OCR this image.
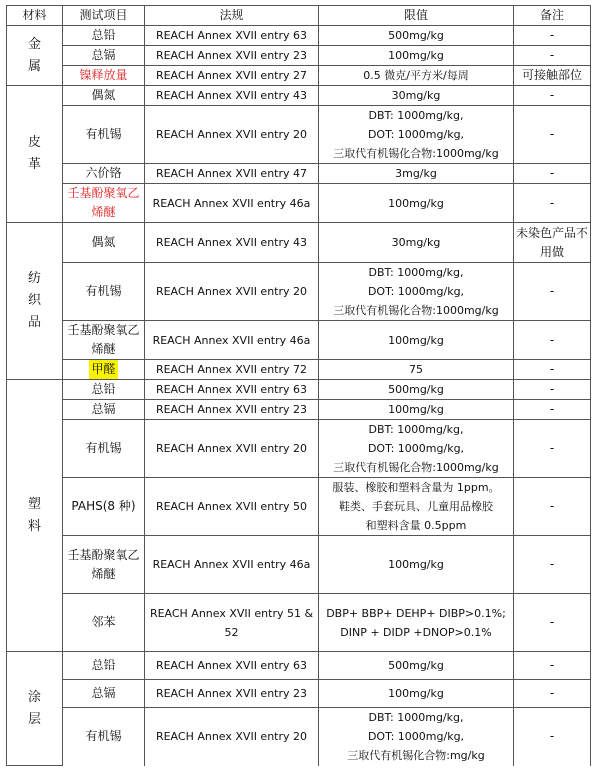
材料	测试项目	法规	限值	备注

金
属	总铅	REACH Annex XVII entry 63	500mg/kg	-
	总镉	REACH Annex XVII entry 23	100mg/kg	-
	镍释放量	REACH Annex XVII entry 27	0.5 微克/平方米/每周	可接触部位

皮
革	偶氮	REACH Annex XVII entry 43	30mg/kg	-
	有机锡	REACH Annex XVII entry 20	DBT: 1000mg/kg,
DOT: 1000mg/kg,
三取代有机锡化合物:1000mg/kg	-
	六价铬	REACH Annex XVII entry 47	3mg/kg	-
	壬基酚聚氧乙烯醚	REACH Annex XVII entry 46a	100mg/kg	-

纺
织
品	偶氮	REACH Annex XVII entry 43	30mg/kg	未染色产品不用做
	有机锡	REACH Annex XVII entry 20	DBT: 1000mg/kg,
DOT: 1000mg/kg,
三取代有机锡化合物:1000mg/kg	-
	壬基酚聚氧乙烯醚	REACH Annex XVII entry 46a	100mg/kg	-
	甲醛	REACH Annex XVII entry 72	75	-

塑
料	总铅	REACH Annex XVII entry 63	500mg/kg	-
	总镉	REACH Annex XVII entry 23	100mg/kg	-
	有机锡	REACH Annex XVII entry 20	DBT: 1000mg/kg,
DOT: 1000mg/kg,
三取代有机锡化合物:1000mg/kg	-
	PAHS(8 种)	REACH Annex XVII entry 50	服装、橡胶和塑料含量为 1ppm。
鞋类、手套玩具、儿童用品橡胶
和塑料含量 0.5ppm	-
	壬基酚聚氧乙烯醚	REACH Annex XVII entry 46a	100mg/kg	-
	邻苯	REACH Annex XVII entry 51 & 52	DBP+ BBP+ DEHP+ DIBP>0.1%;
DINP + DIDP +DNOP>0.1%	-

涂
层	总铅	REACH Annex XVII entry 63	500mg/kg	-
	总镉	REACH Annex XVII entry 23	100mg/kg	-
	有机锡	REACH Annex XVII entry 20	DBT: 1000mg/kg,
DOT: 1000mg/kg,
三取代有机锡化合物:mg/kg	-
